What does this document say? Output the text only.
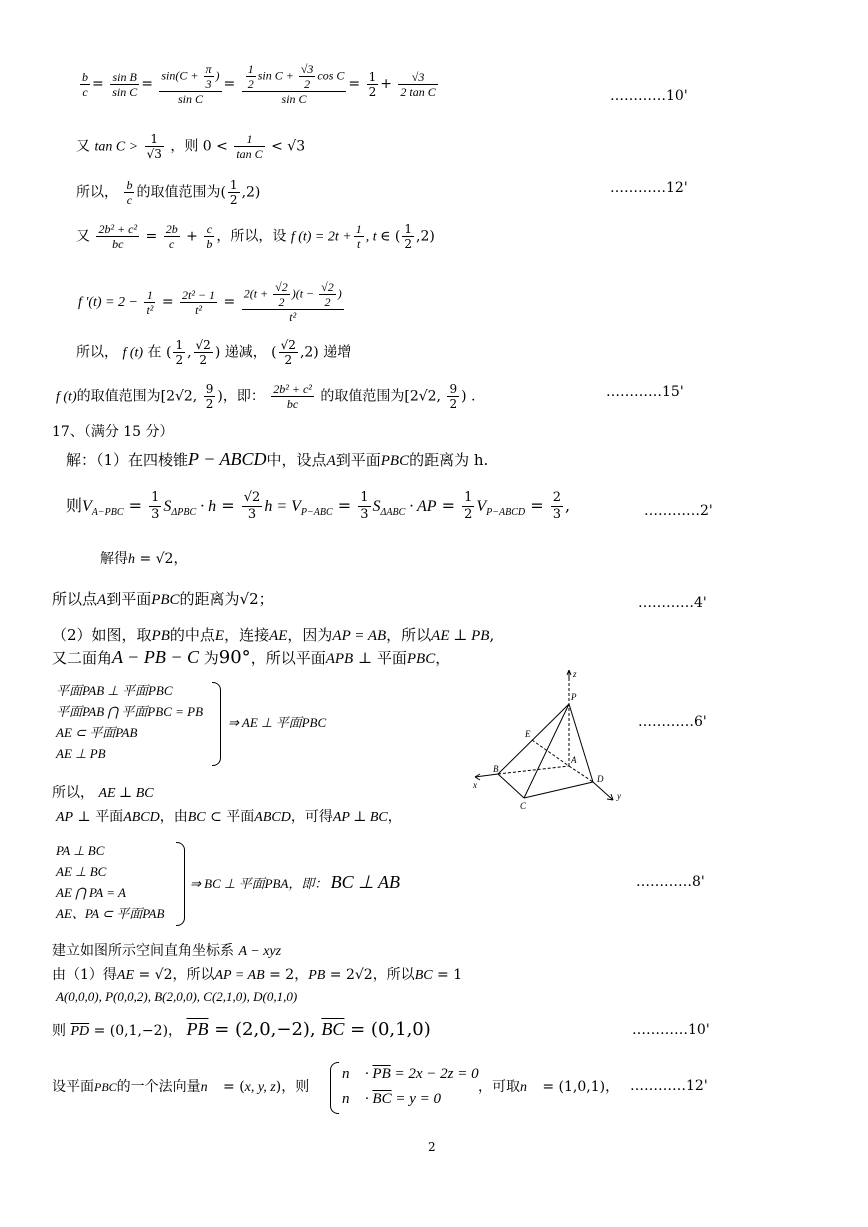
$\frac{b}{c} = \frac{\text{sin B}}{\text{sin C}} = \frac{\sin(C + \frac{\pi}{3} )}{\text{sin C}} = \frac{\frac{1}{2} \sin C + \frac{√3}{2} \cos C}{\text{sin C}} = \frac{1}{2} + \frac{√3}{\text{2 tan C}}$	…………10'
又 $\tan C > \frac{1}{√3}$ ，则 $0 < \frac{1}{\text{tan C}} < √3$
所以， $\frac{b}{c}$ 的取值范围为( $\frac{1}{2} ,2$)	…………12'
又 $\frac{\text{2b² + c²}}{bc} = \frac{2b}{c} + \frac{c}{b}$ ，所以，设 f $(t) = 2t + \frac{1}{t}$ , t ∈ ( $\frac{1}{2} ,2$)
f '$(t) = 2 - \frac{1}{\text{t²}} = \frac{\text{2t² − 1}}{\text{t²}} = \frac{2(t + \frac{√2}{2} )(t - \frac{√2}{2} )}{\text{t²}}$
所以， f (t) 在 ( $\frac{1}{2}$ , $\frac{√2}{2}$ ) 递减， ( $\frac{√2}{2} ,2$) 递增
f (t)的取值范围为[2√2, $\frac{9}{2}$ )，即： $\frac{\text{2b² + c²}}{bc}$ 的取值范围为[2√2, $\frac{9}{2}$ ) .	…………15'
17、（满分 15 分）
解：（1）在四棱锥P − ABCD中，设点A到平面PBC的距离为 h.
则$V_{A-PBC} = \frac{1}{3} S_{\Delta PBC} \cdot h = \frac{√2}{3}$ $h = V_{P-ABC} = \frac{1}{3} S_{\Delta ABC}$ · AP = $\frac{1}{2} V_{P-ABCD} = \frac{2}{3}$ ,	…………2'
解得h = √2，
所以点A到平面PBC的距离为√2；	…………4'
（2）如图，取PB的中点E，连接AE，因为AP = AB，所以AE ⊥ PB,
又二面角A − PB − C 为90°，所以平面APB ⊥ 平面PBC，
平面PAB ⊥ 平面PBC
平面PAB ⋂ 平面PBC = PB
AE ⊂ 平面PAB
AE ⊥ PB
⇒ AE ⊥ 平面PBC	…………6'
z
P
E
A
B
D
C
x
y
所以， AE ⊥ BC
AP ⊥ 平面ABCD，由BC ⊂ 平面ABCD，可得AP ⊥ BC，
PA ⊥ BC
AE ⊥ BC
AE ⋂ PA = A
AE、PA ⊂ 平面PAB
⇒ BC ⊥ 平面PBA，即： BC ⊥ AB	…………8'
建立如图所示空间直角坐标系 A − xyz
由（1）得AE = √2，所以AP = AB = 2，PB = 2√2，所以BC = 1
A(0,0,0), P(0,0,2), B(2,0,0), C(2,1,0), D(0,1,0)
则 $\overline{PD} = (0,1,-2)$， $\overline{PB} = (2,0,-2)$, $\overline{BC} = (0,1,0)$	…………10'
设平面PBC的一个法向量n⃗ = (x, y, z)，则
n⃗ · $\overline{PB} = 2x - 2z = 0$
n⃗ · $\overline{BC} = y = 0$
，可取n⃗ = (1,0,1)， …………12'
2
